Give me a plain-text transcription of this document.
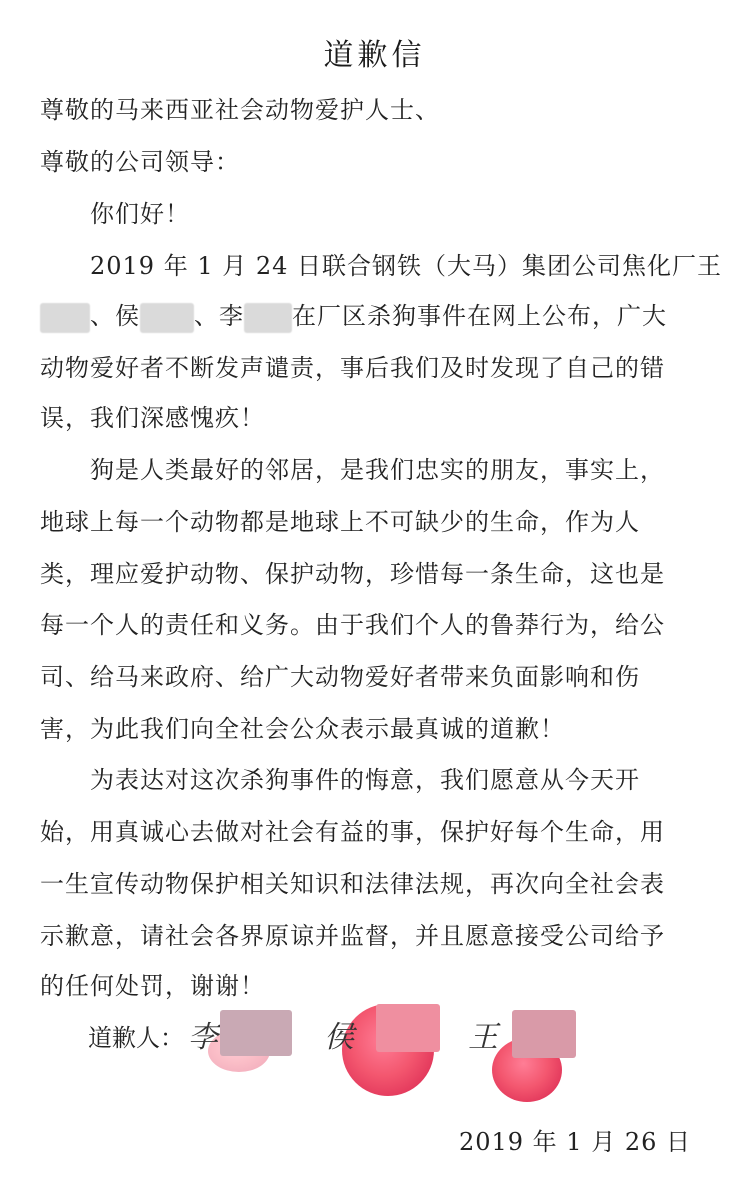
道歉信
尊敬的马来西亚社会动物爱护人士、
尊敬的公司领导：
你们好！
2019 年 1 月 24 日联合钢铁（大马）集团公司焦化厂王
、侯 、李 在厂区杀狗事件在网上公布，广大
动物爱好者不断发声谴责，事后我们及时发现了自己的错
误，我们深感愧疚！
狗是人类最好的邻居，是我们忠实的朋友，事实上，
地球上每一个动物都是地球上不可缺少的生命，作为人
类，理应爱护动物、保护动物，珍惜每一条生命，这也是
每一个人的责任和义务。由于我们个人的鲁莽行为，给公
司、给马来政府、给广大动物爱好者带来负面影响和伤
害，为此我们向全社会公众表示最真诚的道歉！
为表达对这次杀狗事件的悔意，我们愿意从今天开
始，用真诚心去做对社会有益的事，保护好每个生命，用
一生宣传动物保护相关知识和法律法规，再次向全社会表
示歉意，请社会各界原谅并监督，并且愿意接受公司给予
的任何处罚，谢谢！
道歉人： 李	侯	王
2019 年 1 月 26 日
